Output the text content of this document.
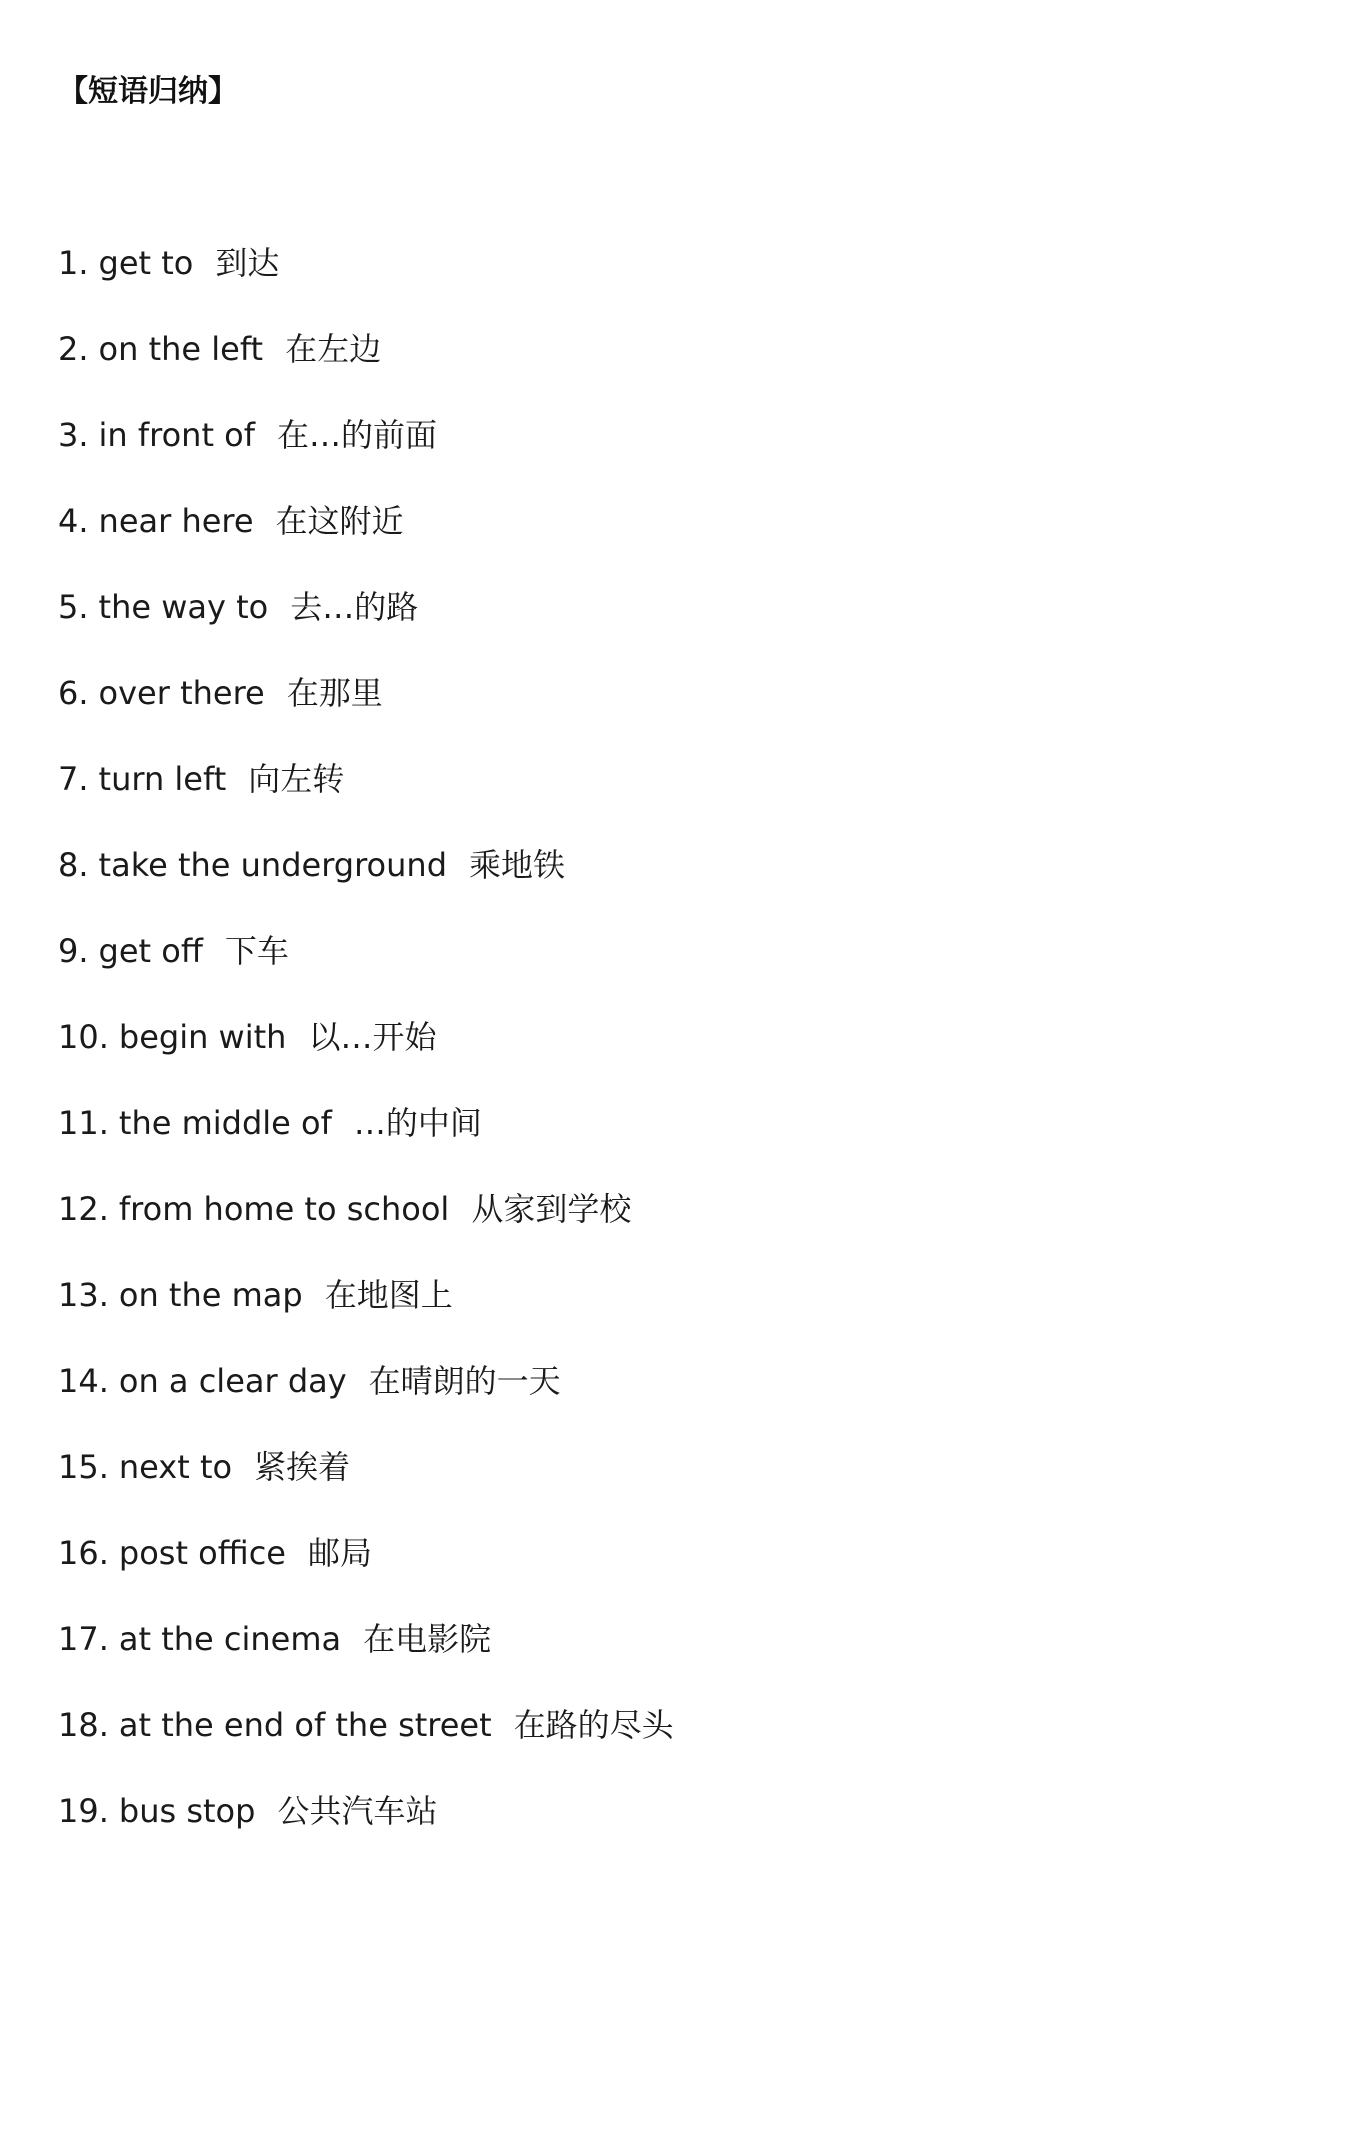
【短语归纳】
1. get to 到达
2. on the left 在左边
3. in front of 在…的前面
4. near here 在这附近
5. the way to 去…的路
6. over there 在那里
7. turn left 向左转
8. take the underground 乘地铁
9. get off 下车
10. begin with 以…开始
11. the middle of …的中间
12. from home to school 从家到学校
13. on the map 在地图上
14. on a clear day 在晴朗的一天
15. next to 紧挨着
16. post office 邮局
17. at the cinema 在电影院
18. at the end of the street 在路的尽头
19. bus stop 公共汽车站
